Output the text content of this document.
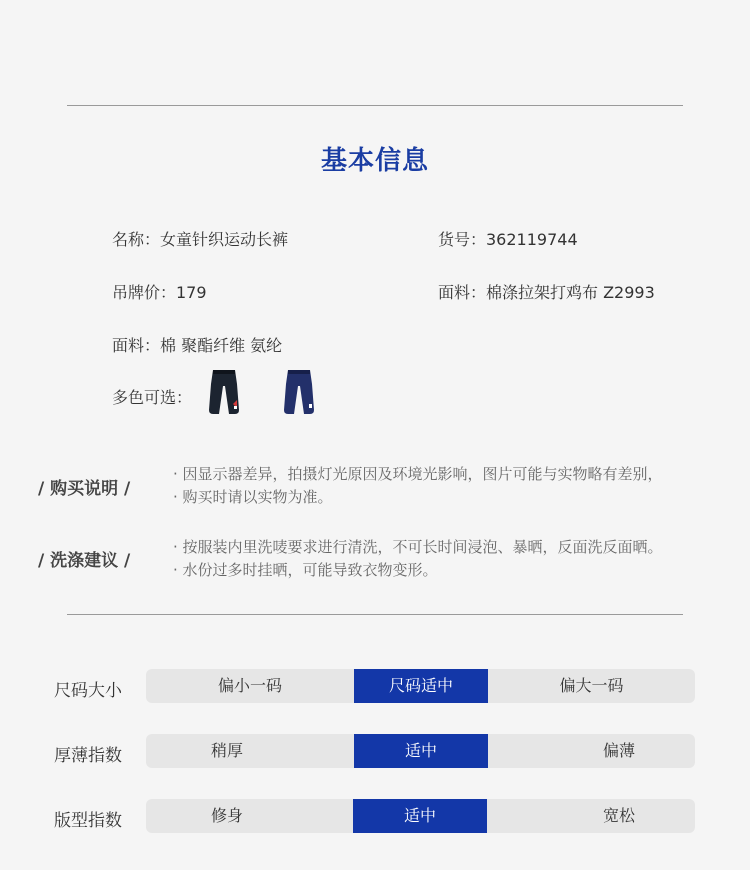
基本信息
名称：女童针织运动长裤	货号：362119744
吊牌价：179	面料：棉涤拉架打鸡布 Z2993
面料：棉 聚酯纤维 氨纶
多色可选：
/ 购买说明 /
· 因显示器差异，拍摄灯光原因及环境光影响，图片可能与实物略有差别，
· 购买时请以实物为准。
/ 洗涤建议 /
· 按服装内里洗唛要求进行清洗，不可长时间浸泡、暴晒，反面洗反面晒。
· 水份过多时挂晒，可能导致衣物变形。
尺码大小	偏小一码	尺码适中	偏大一码
厚薄指数	稍厚	适中	偏薄
版型指数	修身	适中	宽松
